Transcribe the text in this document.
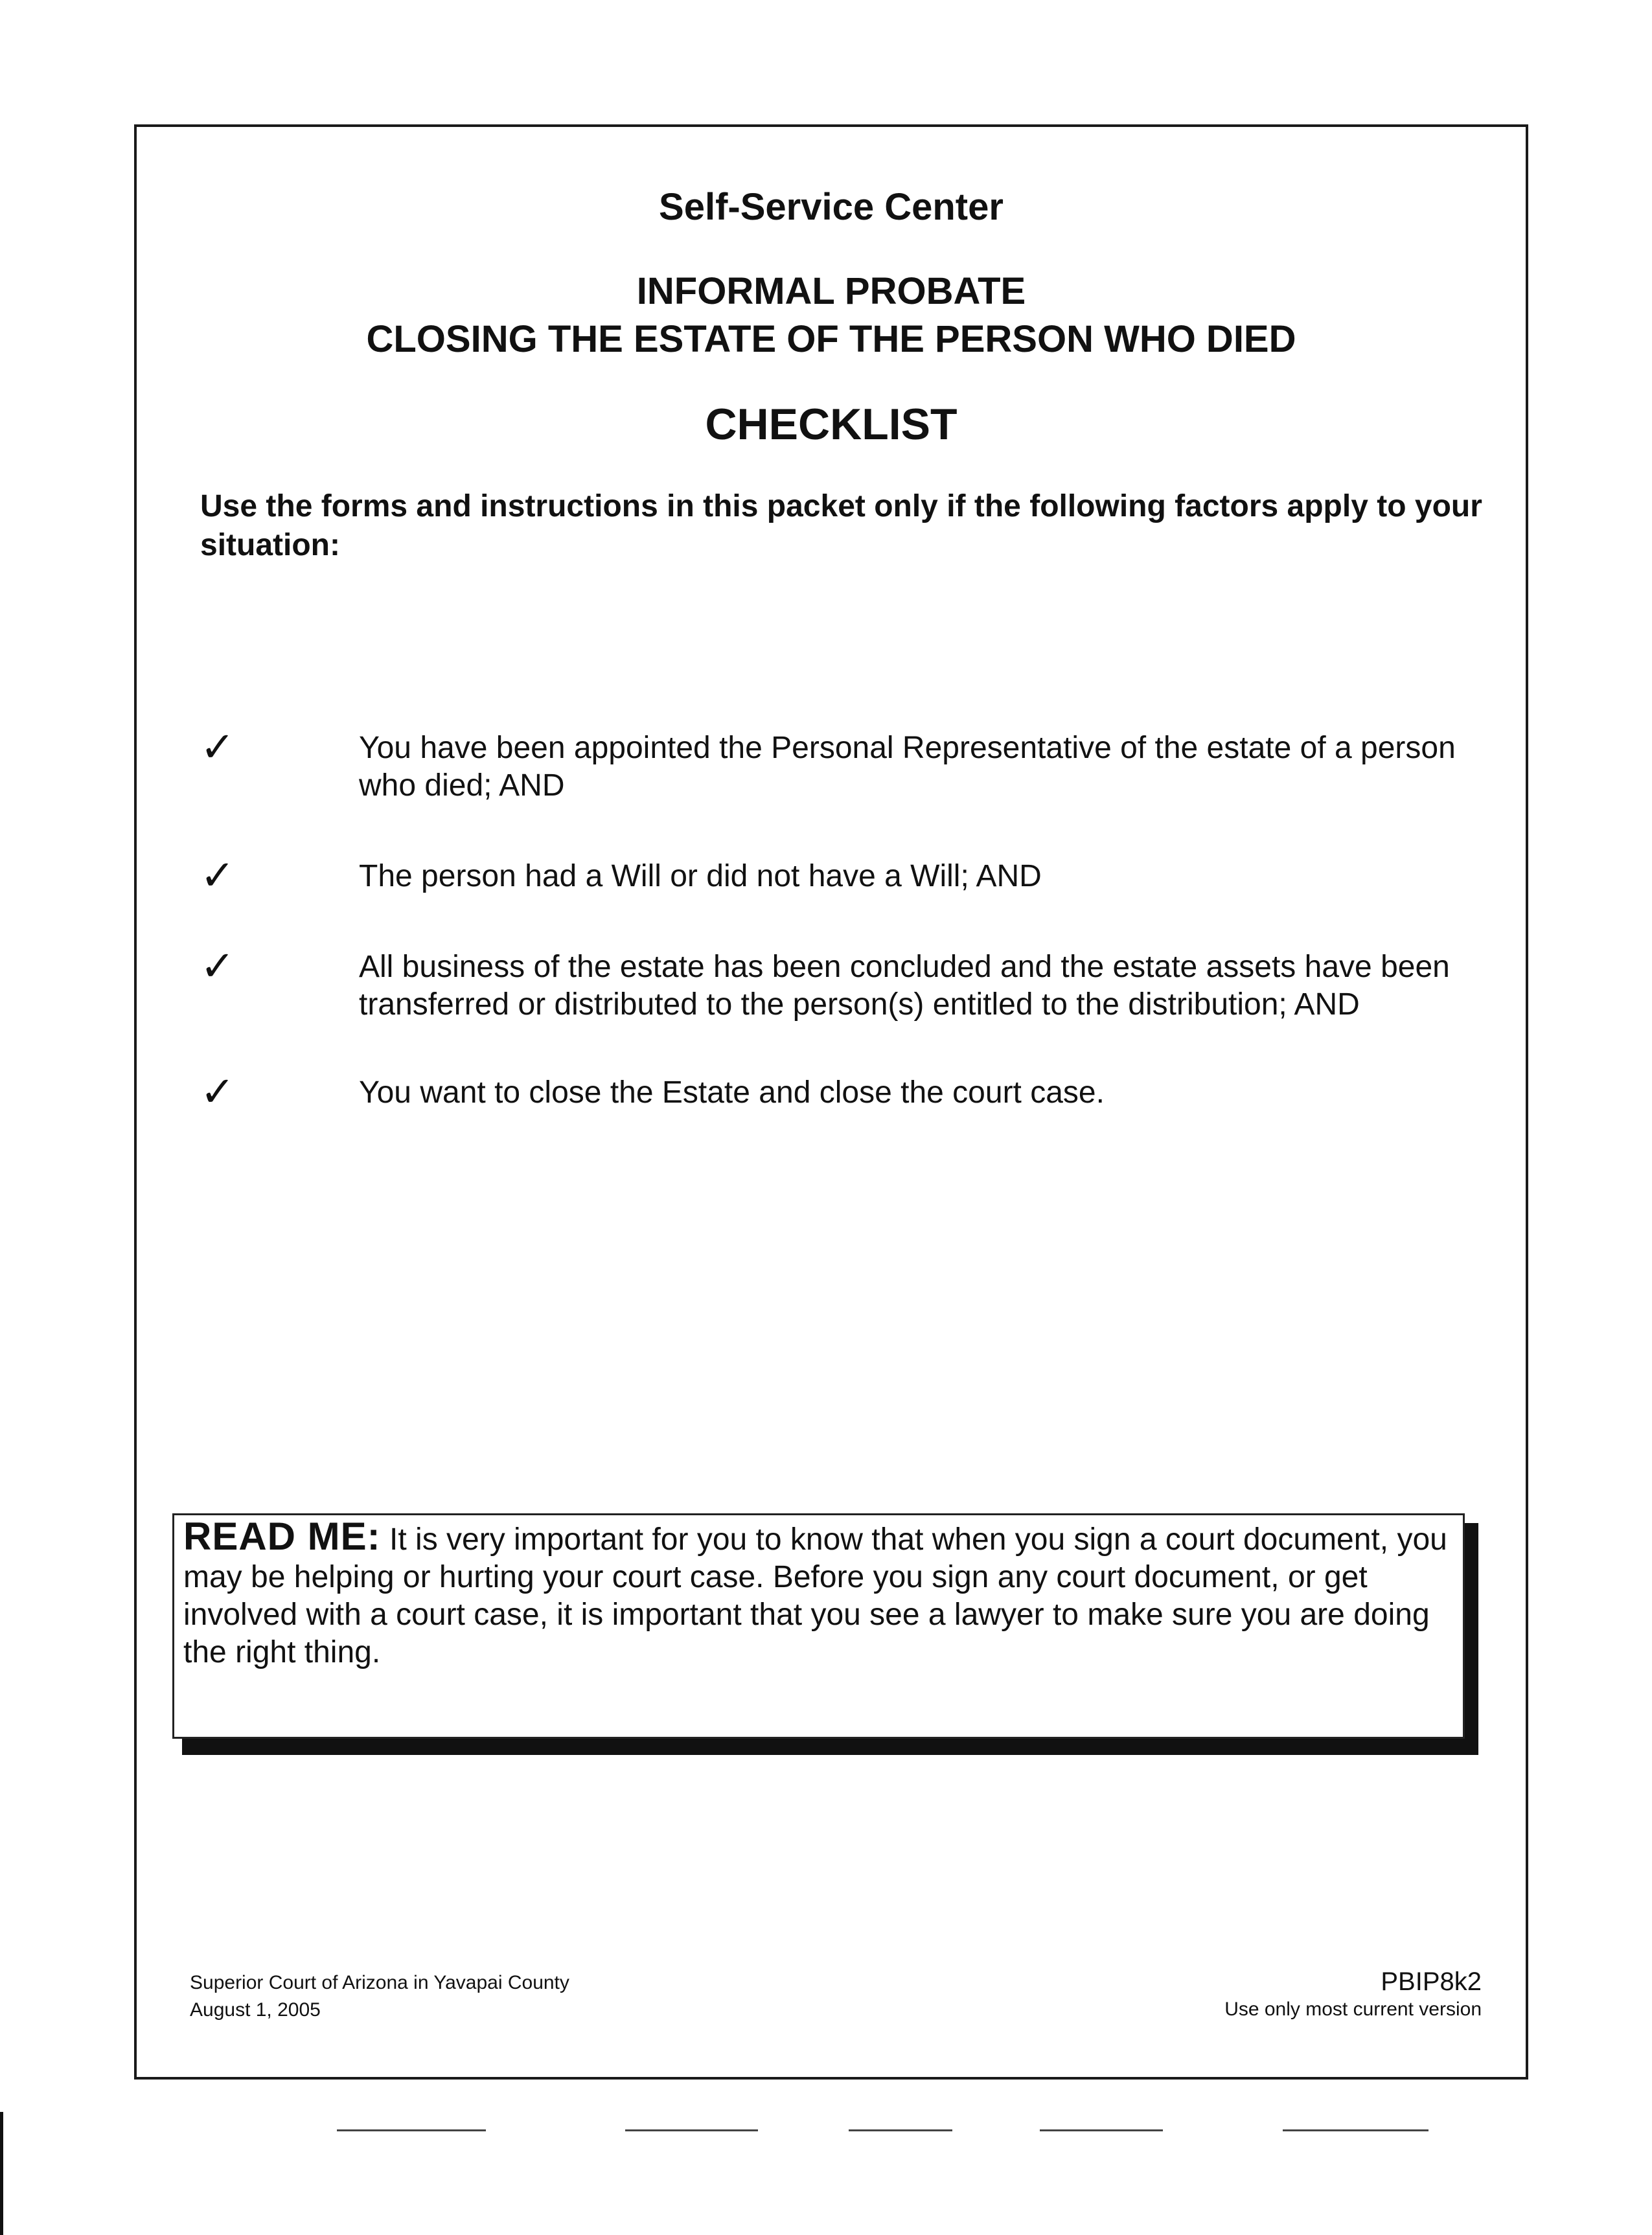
Self-Service Center
INFORMAL PROBATE
CLOSING THE ESTATE OF THE PERSON WHO DIED
CHECKLIST
Use the forms and instructions in this packet only if the following factors apply to your situation:
✓	You have been appointed the Personal Representative of the estate of a person who died; AND
✓	The person had a Will or did not have a Will; AND
✓	All business of the estate has been concluded and the estate assets have been transferred or distributed to the person(s) entitled to the distribution; AND
✓	You want to close the Estate and close the court case.
READ ME: It is very important for you to know that when you sign a court document, you may be helping or hurting your court case. Before you sign any court document, or get involved with a court case, it is important that you see a lawyer to make sure you are doing the right thing.
Superior Court of Arizona in Yavapai County
August 1, 2005
PBIP8k2
Use only most current version
